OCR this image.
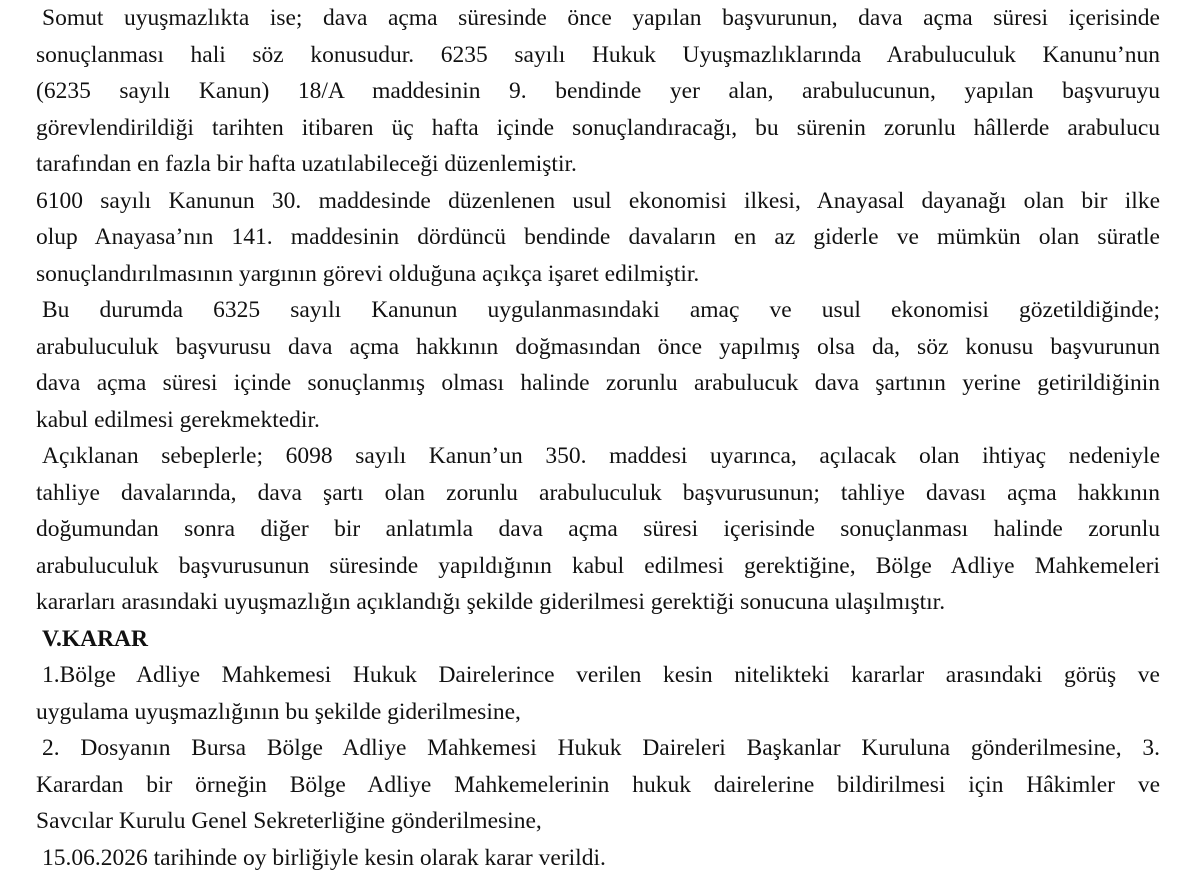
Somut uyuşmazlıkta ise; dava açma süresinde önce yapılan başvurunun, dava açma süresi içerisinde
sonuçlanması hali söz konusudur. 6235 sayılı Hukuk Uyuşmazlıklarında Arabuluculuk Kanunu’nun
(6235 sayılı Kanun) 18/A maddesinin 9. bendinde yer alan, arabulucunun, yapılan başvuruyu
görevlendirildiği tarihten itibaren üç hafta içinde sonuçlandıracağı, bu sürenin zorunlu hâllerde arabulucu
tarafından en fazla bir hafta uzatılabileceği düzenlemiştir.
6100 sayılı Kanunun 30. maddesinde düzenlenen usul ekonomisi ilkesi, Anayasal dayanağı olan bir ilke
olup Anayasa’nın 141. maddesinin dördüncü bendinde davaların en az giderle ve mümkün olan süratle
sonuçlandırılmasının yargının görevi olduğuna açıkça işaret edilmiştir.
Bu durumda 6325 sayılı Kanunun uygulanmasındaki amaç ve usul ekonomisi gözetildiğinde;
arabuluculuk başvurusu dava açma hakkının doğmasından önce yapılmış olsa da, söz konusu başvurunun
dava açma süresi içinde sonuçlanmış olması halinde zorunlu arabulucuk dava şartının yerine getirildiğinin
kabul edilmesi gerekmektedir.
Açıklanan sebeplerle; 6098 sayılı Kanun’un 350. maddesi uyarınca, açılacak olan ihtiyaç nedeniyle
tahliye davalarında, dava şartı olan zorunlu arabuluculuk başvurusunun; tahliye davası açma hakkının
doğumundan sonra diğer bir anlatımla dava açma süresi içerisinde sonuçlanması halinde zorunlu
arabuluculuk başvurusunun süresinde yapıldığının kabul edilmesi gerektiğine, Bölge Adliye Mahkemeleri
kararları arasındaki uyuşmazlığın açıklandığı şekilde giderilmesi gerektiği sonucuna ulaşılmıştır.
V.KARAR
1.Bölge Adliye Mahkemesi Hukuk Dairelerince verilen kesin nitelikteki kararlar arasındaki görüş ve
uygulama uyuşmazlığının bu şekilde giderilmesine,
2. Dosyanın Bursa Bölge Adliye Mahkemesi Hukuk Daireleri Başkanlar Kuruluna gönderilmesine, 3.
Karardan bir örneğin Bölge Adliye Mahkemelerinin hukuk dairelerine bildirilmesi için Hâkimler ve
Savcılar Kurulu Genel Sekreterliğine gönderilmesine,
15.06.2026 tarihinde oy birliğiyle kesin olarak karar verildi.
